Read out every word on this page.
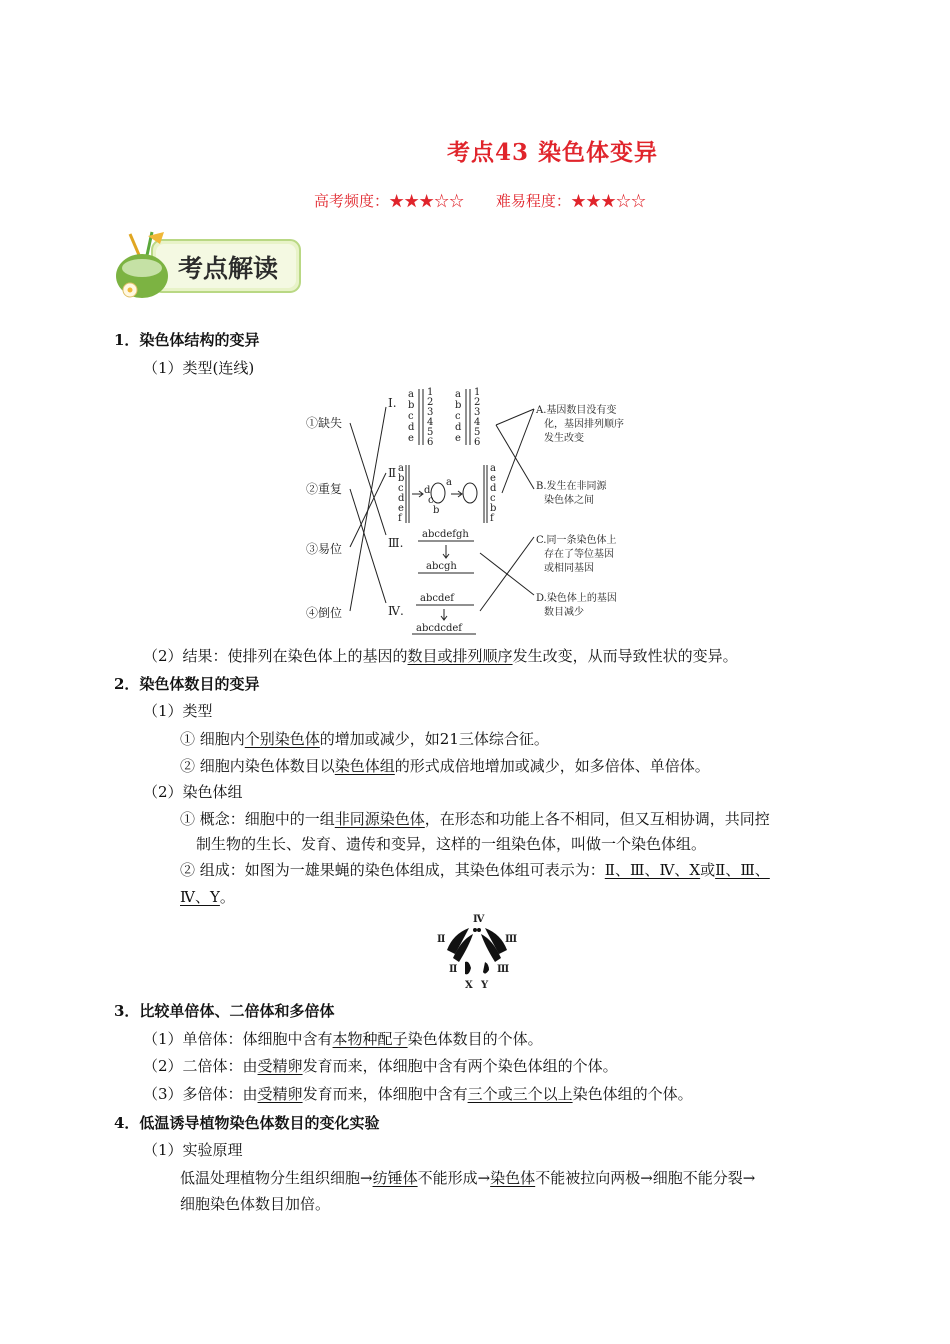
考点43 染色体变异
高考频度：★★★☆☆ 难易程度：★★★☆☆
考点解读
1．染色体结构的变异
（1）类型(连线)
①缺失
②重复
③易位
④倒位
Ⅰ.
Ⅱ
Ⅲ.
Ⅳ.
a
b
c
d
e
1
2
3
4
5
6
a
b
c
d
e
1
2
3
4
5
6
a
b
c
d
e
f
d
c
a
b
a
e
d
c
b
f
abcdefgh
abcgh
abcdef
abcdcdef
A.基因数目没有变
化，基因排列顺序
发生改变
B.发生在非同源
染色体之间
C.同一条染色体上
存在了等位基因
或相同基因
D.染色体上的基因
数目减少
（2）结果：使排列在染色体上的基因的数目或排列顺序发生改变，从而导致性状的变异。
2．染色体数目的变异
（1）类型
① 细胞内个别染色体的增加或减少，如21三体综合征。
② 细胞内染色体数目以染色体组的形式成倍地增加或减少，如多倍体、单倍体。
（2）染色体组
① 概念：细胞中的一组非同源染色体，在形态和功能上各不相同，但又互相协调，共同控
制生物的生长、发育、遗传和变异，这样的一组染色体，叫做一个染色体组。
② 组成：如图为一雄果蝇的染色体组成，其染色体组可表示为：Ⅱ、Ⅲ、Ⅳ、X或Ⅱ、Ⅲ、
Ⅳ、Y。
Ⅳ
Ⅱ	Ⅲ
Ⅱ	Ⅲ
X Y
3．比较单倍体、二倍体和多倍体
（1）单倍体：体细胞中含有本物种配子染色体数目的个体。
（2）二倍体：由受精卵发育而来，体细胞中含有两个染色体组的个体。
（3）多倍体：由受精卵发育而来，体细胞中含有三个或三个以上染色体组的个体。
4．低温诱导植物染色体数目的变化实验
（1）实验原理
低温处理植物分生组织细胞→纺锤体不能形成→染色体不能被拉向两极→细胞不能分裂→
细胞染色体数目加倍。
